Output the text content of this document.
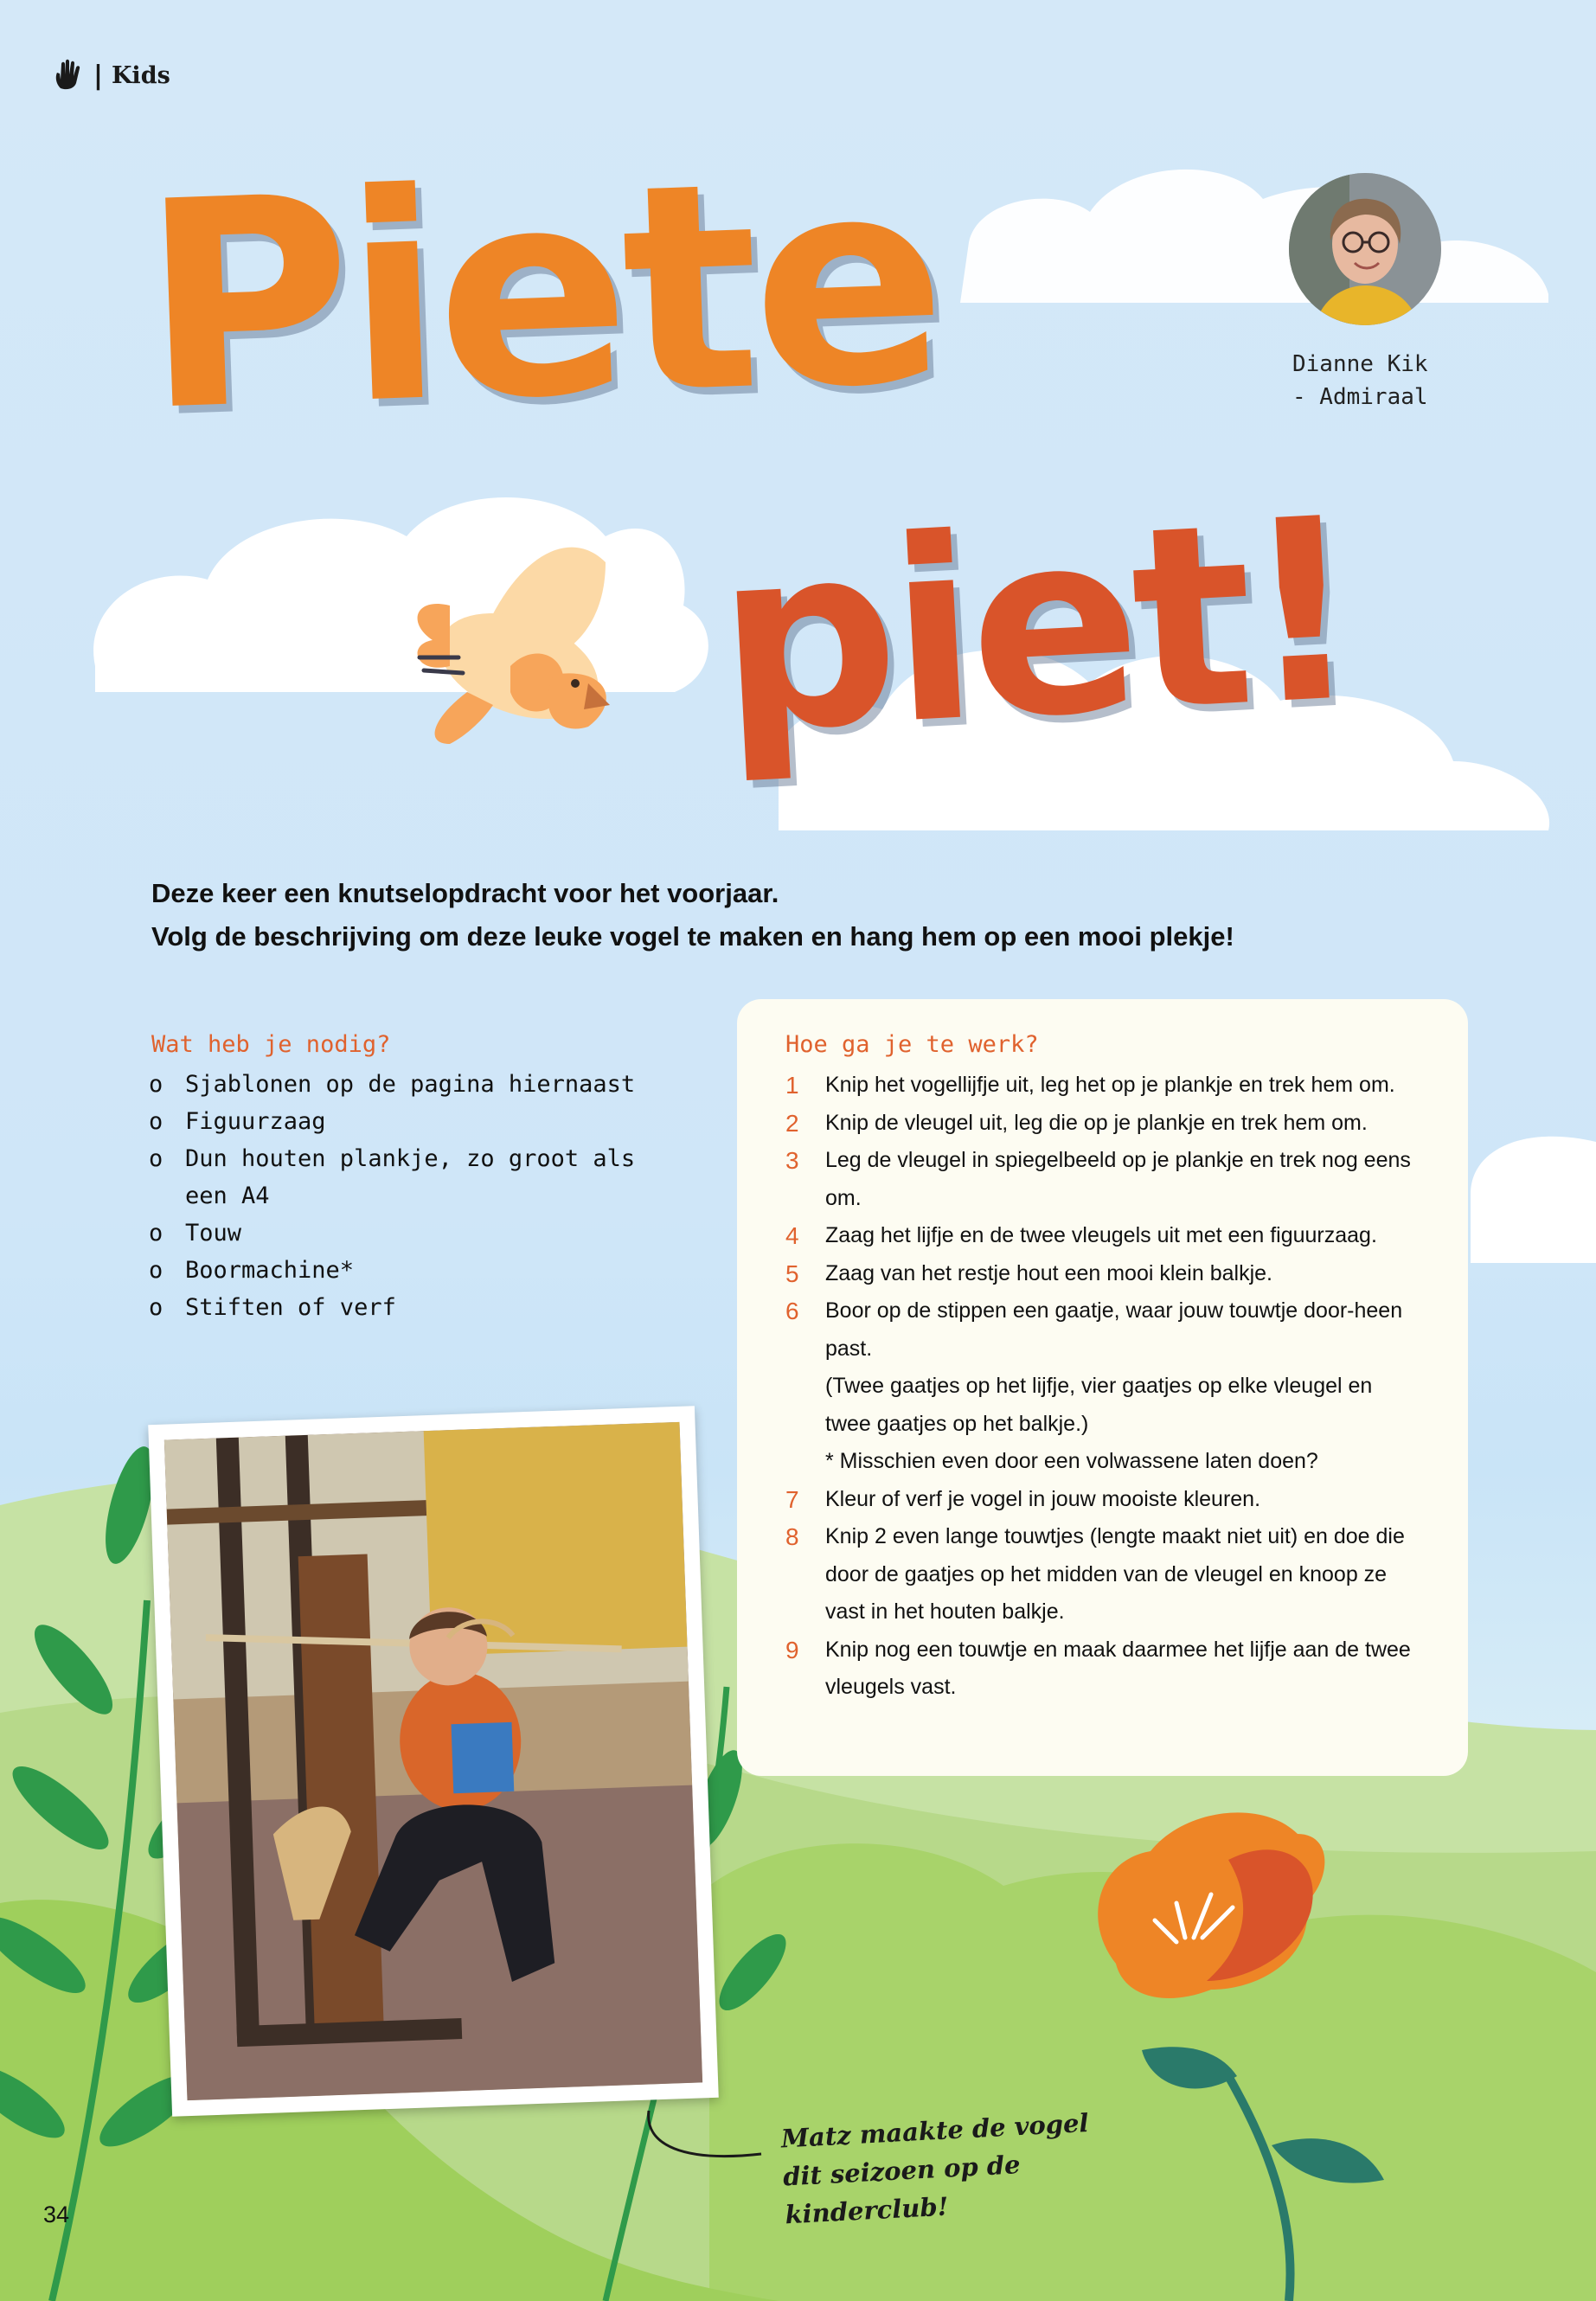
| Kids
Piete
piet!
Dianne Kik
- Admiraal
Deze keer een knutselopdracht voor het voorjaar.
Volg de beschrijving om deze leuke vogel te maken en hang hem op een mooi plekje!
Wat heb je nodig?
o Sjablonen op de pagina hiernaast
o Figuurzaag
o Dun houten plankje, zo groot als een A4
o Touw
o Boormachine*
o Stiften of verf
Hoe ga je te werk?
1	Knip het vogellijfje uit, leg het op je plankje en trek hem om.
2	Knip de vleugel uit, leg die op je plankje en trek hem om.
3	Leg de vleugel in spiegelbeeld op je plankje en trek nog eens om.
4	Zaag het lijfje en de twee vleugels uit met een figuurzaag.
5	Zaag van het restje hout een mooi klein balkje.
6	Boor op de stippen een gaatje, waar jouw touwtje door-heen past.
(Twee gaatjes op het lijfje, vier gaatjes op elke vleugel en twee gaatjes op het balkje.)
* Misschien even door een volwassene laten doen?
7	Kleur of verf je vogel in jouw mooiste kleuren.
8	Knip 2 even lange touwtjes (lengte maakt niet uit) en doe die door de gaatjes op het midden van de vleugel en knoop ze vast in het houten balkje.
9	Knip nog een touwtje en maak daarmee het lijfje aan de twee vleugels vast.
Matz maakte de vogel dit seizoen op de kinderclub!
34
